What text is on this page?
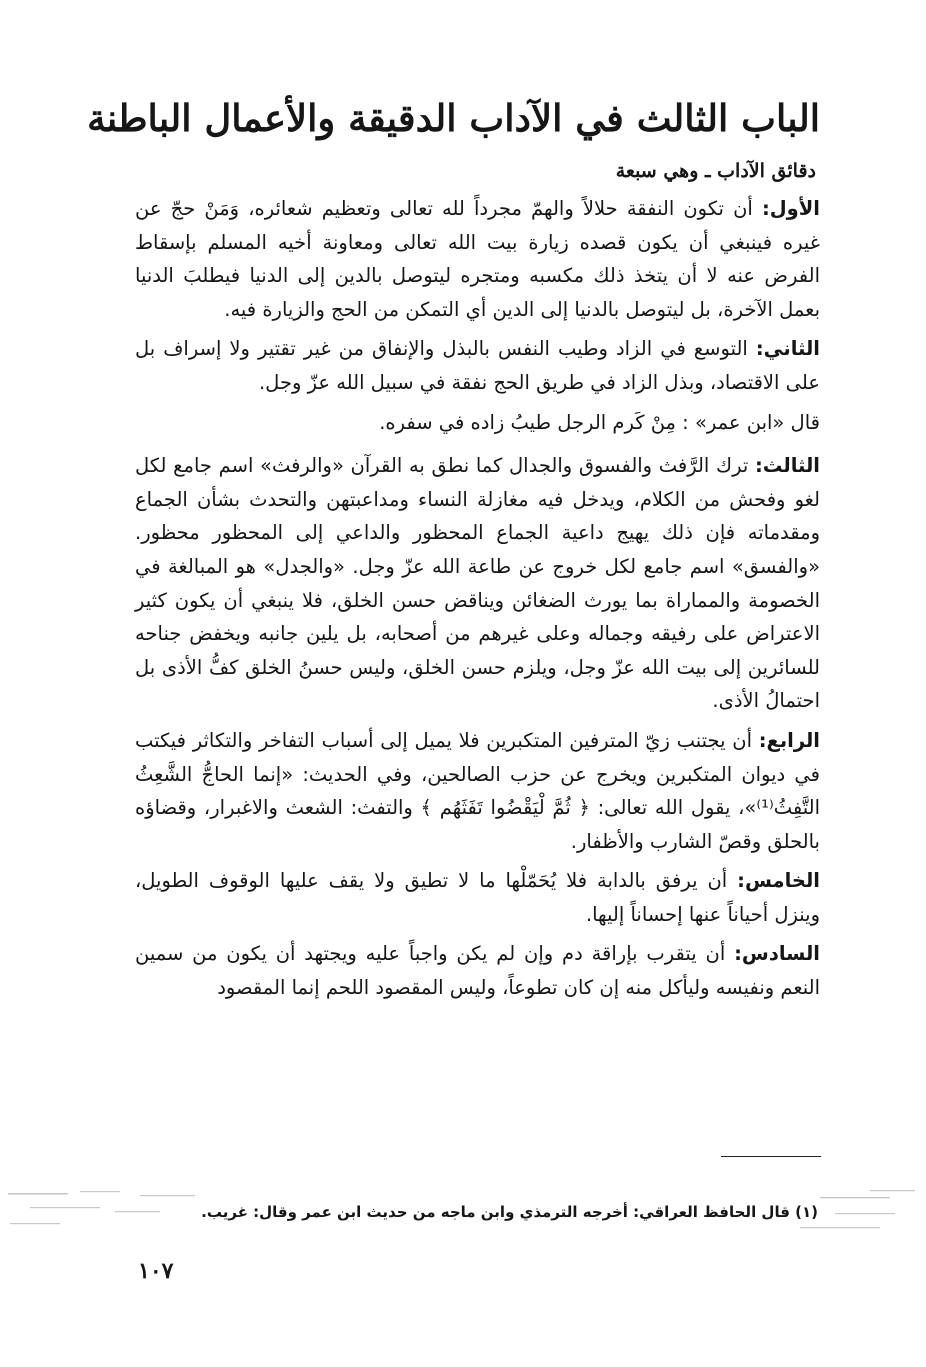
الباب الثالث في الآداب الدقيقة والأعمال الباطنة
دقائق الآداب ـ وهي سبعة

الأول: أن تكون النفقة حلالاً والهمّ مجرداً لله تعالى وتعظيم شعائره، وَمَنْ حجّ عن غيره فينبغي أن يكون قصده زيارة بيت الله تعالى ومعاونة أخيه المسلم بإسقاط الفرض عنه لا أن يتخذ ذلك مكسبه ومتجره ليتوصل بالدين إلى الدنيا فيطلبَ الدنيا بعمل الآخرة، بل ليتوصل بالدنيا إلى الدين أي التمكن من الحج والزيارة فيه.

الثاني: التوسع في الزاد وطيب النفس بالبذل والإنفاق من غير تقتير ولا إسراف بل على الاقتصاد، وبذل الزاد في طريق الحج نفقة في سبيل الله عزّ وجل.

قال «ابن عمر» : مِنْ كَرم الرجل طيبُ زاده في سفره.

الثالث: ترك الرَّفث والفسوق والجدال كما نطق به القرآن «والرفث» اسم جامع لكل لغو وفحش من الكلام، ويدخل فيه مغازلة النساء ومداعبتهن والتحدث بشأن الجماع ومقدماته فإن ذلك يهيج داعية الجماع المحظور والداعي إلى المحظور محظور. «والفسق» اسم جامع لكل خروج عن طاعة الله عزّ وجل. «والجدل» هو المبالغة في الخصومة والمماراة بما يورث الضغائن ويناقض حسن الخلق، فلا ينبغي أن يكون كثير الاعتراض على رفيقه وجماله وعلى غيرهم من أصحابه، بل يلين جانبه ويخفض جناحه للسائرين إلى بيت الله عزّ وجل، ويلزم حسن الخلق، وليس حسنُ الخلق كفُّ الأذى بل احتمالُ الأذى.

الرابع: أن يجتنب زيّ المترفين المتكبرين فلا يميل إلى أسباب التفاخر والتكاثر فيكتب في ديوان المتكبرين ويخرج عن حزب الصالحين، وفي الحديث: «إنما الحاجُّ الشَّعِثُ التَّفِثُ⁽¹⁾»، يقول الله تعالى: ﴿ ثُمَّ لْيَقْضُوا تَفَثَهُم ﴾ والتفث: الشعث والاغبرار، وقضاؤه بالحلق وقصّ الشارب والأظفار.

الخامس: أن يرفق بالدابة فلا يُحَمّلْها ما لا تطيق ولا يقف عليها الوقوف الطويل، وينزل أحياناً عنها إحساناً إليها.

السادس: أن يتقرب بإراقة دم وإن لم يكن واجباً عليه ويجتهد أن يكون من سمين النعم ونفيسه وليأكل منه إن كان تطوعاً، وليس المقصود اللحم إنما المقصود

(١) قال الحافظ العراقي: أخرجه الترمذي وابن ماجه من حديث ابن عمر وقال: غريب.
١٠٧
